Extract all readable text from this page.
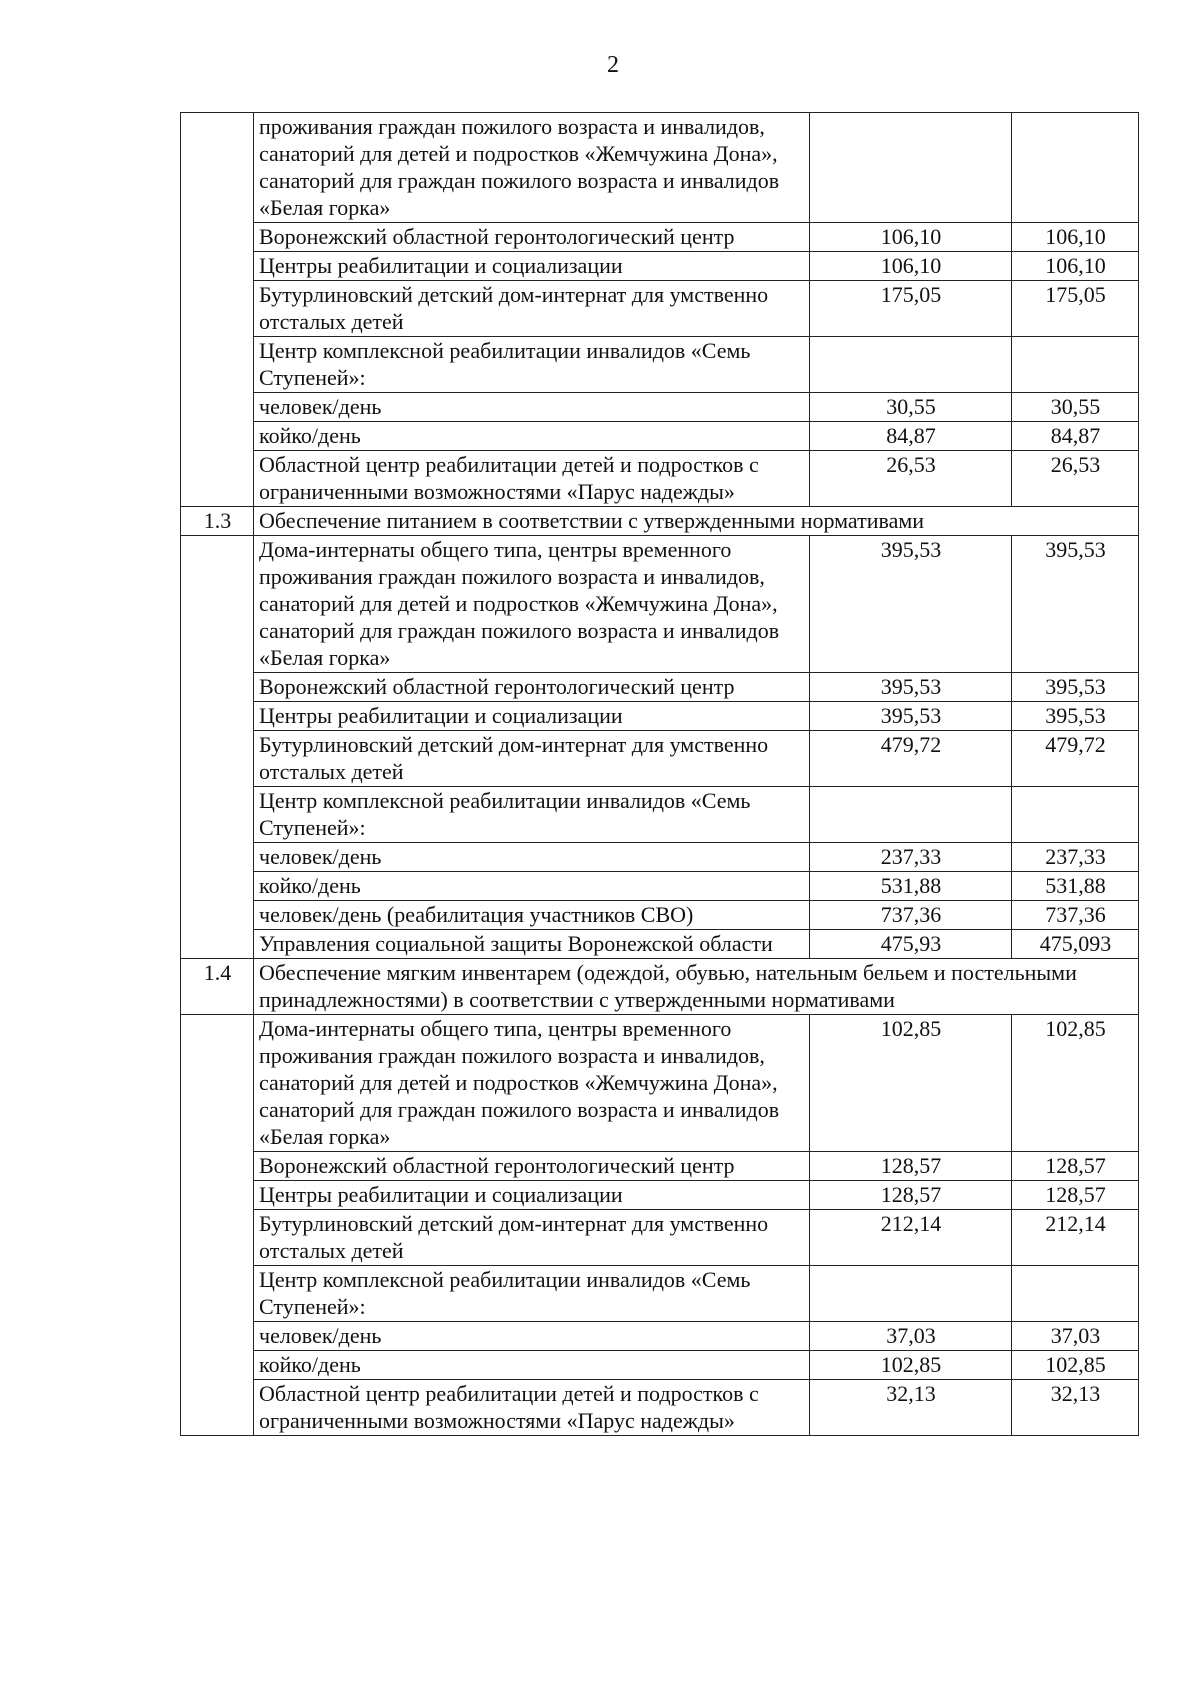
2
	проживания граждан пожилого возраста и инвалидов, санаторий для детей и подростков «Жемчужина Дона», санаторий для граждан пожилого возраста и инвалидов «Белая горка»		
	Воронежский областной геронтологический центр	106,10	106,10
	Центры реабилитации и социализации	106,10	106,10
	Бутурлиновский детский дом-интернат для умственно отсталых детей	175,05	175,05
	Центр комплексной реабилитации инвалидов «Семь Ступеней»:		
	человек/день	30,55	30,55
	койко/день	84,87	84,87
	Областной центр реабилитации детей и подростков с ограниченными возможностями «Парус надежды»	26,53	26,53
1.3	Обеспечение питанием в соответствии с утвержденными нормативами		
	Дома-интернаты общего типа, центры временного проживания граждан пожилого возраста и инвалидов, санаторий для детей и подростков «Жемчужина Дона», санаторий для граждан пожилого возраста и инвалидов «Белая горка»	395,53	395,53
	Воронежский областной геронтологический центр	395,53	395,53
	Центры реабилитации и социализации	395,53	395,53
	Бутурлиновский детский дом-интернат для умственно отсталых детей	479,72	479,72
	Центр комплексной реабилитации инвалидов «Семь Ступеней»:		
	человек/день	237,33	237,33
	койко/день	531,88	531,88
	человек/день (реабилитация участников СВО)	737,36	737,36
	Управления социальной защиты Воронежской области	475,93	475,093
1.4	Обеспечение мягким инвентарем (одеждой, обувью, нательным бельем и постельными принадлежностями) в соответствии с утвержденными нормативами		
	Дома-интернаты общего типа, центры временного проживания граждан пожилого возраста и инвалидов, санаторий для детей и подростков «Жемчужина Дона», санаторий для граждан пожилого возраста и инвалидов «Белая горка»	102,85	102,85
	Воронежский областной геронтологический центр	128,57	128,57
	Центры реабилитации и социализации	128,57	128,57
	Бутурлиновский детский дом-интернат для умственно отсталых детей	212,14	212,14
	Центр комплексной реабилитации инвалидов «Семь Ступеней»:		
	человек/день	37,03	37,03
	койко/день	102,85	102,85
	Областной центр реабилитации детей и подростков с ограниченными возможностями «Парус надежды»	32,13	32,13
